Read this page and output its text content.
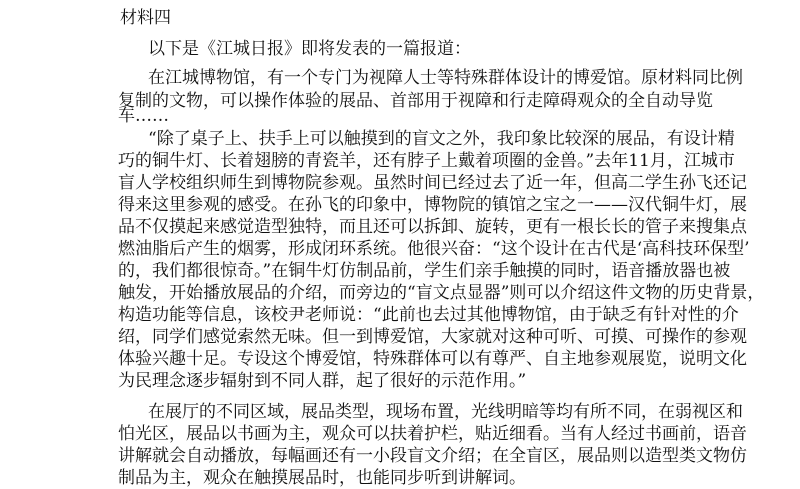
材料四
以下是《江城日报》即将发表的一篇报道：
在江城博物馆，有一个专门为视障人士等特殊群体设计的博爱馆。原材料同比例
复制的文物，可以操作体验的展品、首部用于视障和行走障碍观众的全自动导览
车……
“除了桌子上、扶手上可以触摸到的盲文之外，我印象比较深的展品，有设计精
巧的铜牛灯、长着翅膀的青瓷羊，还有脖子上戴着项圈的金兽。”去年11月，江城市
盲人学校组织师生到博物院参观。虽然时间已经过去了近一年，但高二学生孙飞还记
得来这里参观的感受。在孙飞的印象中，博物院的镇馆之宝之一——汉代铜牛灯，展
品不仅摸起来感觉造型独特，而且还可以拆卸、旋转，更有一根长长的管子来搜集点
燃油脂后产生的烟雾，形成闭环系统。他很兴奋：“这个设计在古代是‘高科技环保型’
的，我们都很惊奇。”在铜牛灯仿制品前，学生们亲手触摸的同时，语音播放器也被
触发，开始播放展品的介绍，而旁边的“盲文点显器”则可以介绍这件文物的历史背景，
构造功能等信息，该校尹老师说：“此前也去过其他博物馆，由于缺乏有针对性的介
绍，同学们感觉索然无味。但一到博爱馆，大家就对这种可听、可摸、可操作的参观
体验兴趣十足。专设这个博爱馆，特殊群体可以有尊严、自主地参观展览，说明文化
为民理念逐步辐射到不同人群，起了很好的示范作用。”
在展厅的不同区域，展品类型，现场布置，光线明暗等均有所不同，在弱视区和
怕光区，展品以书画为主，观众可以扶着护栏，贴近细看。当有人经过书画前，语音
讲解就会自动播放，每幅画还有一小段盲文介绍；在全盲区，展品则以造型类文物仿
制品为主，观众在触摸展品时，也能同步听到讲解词。
